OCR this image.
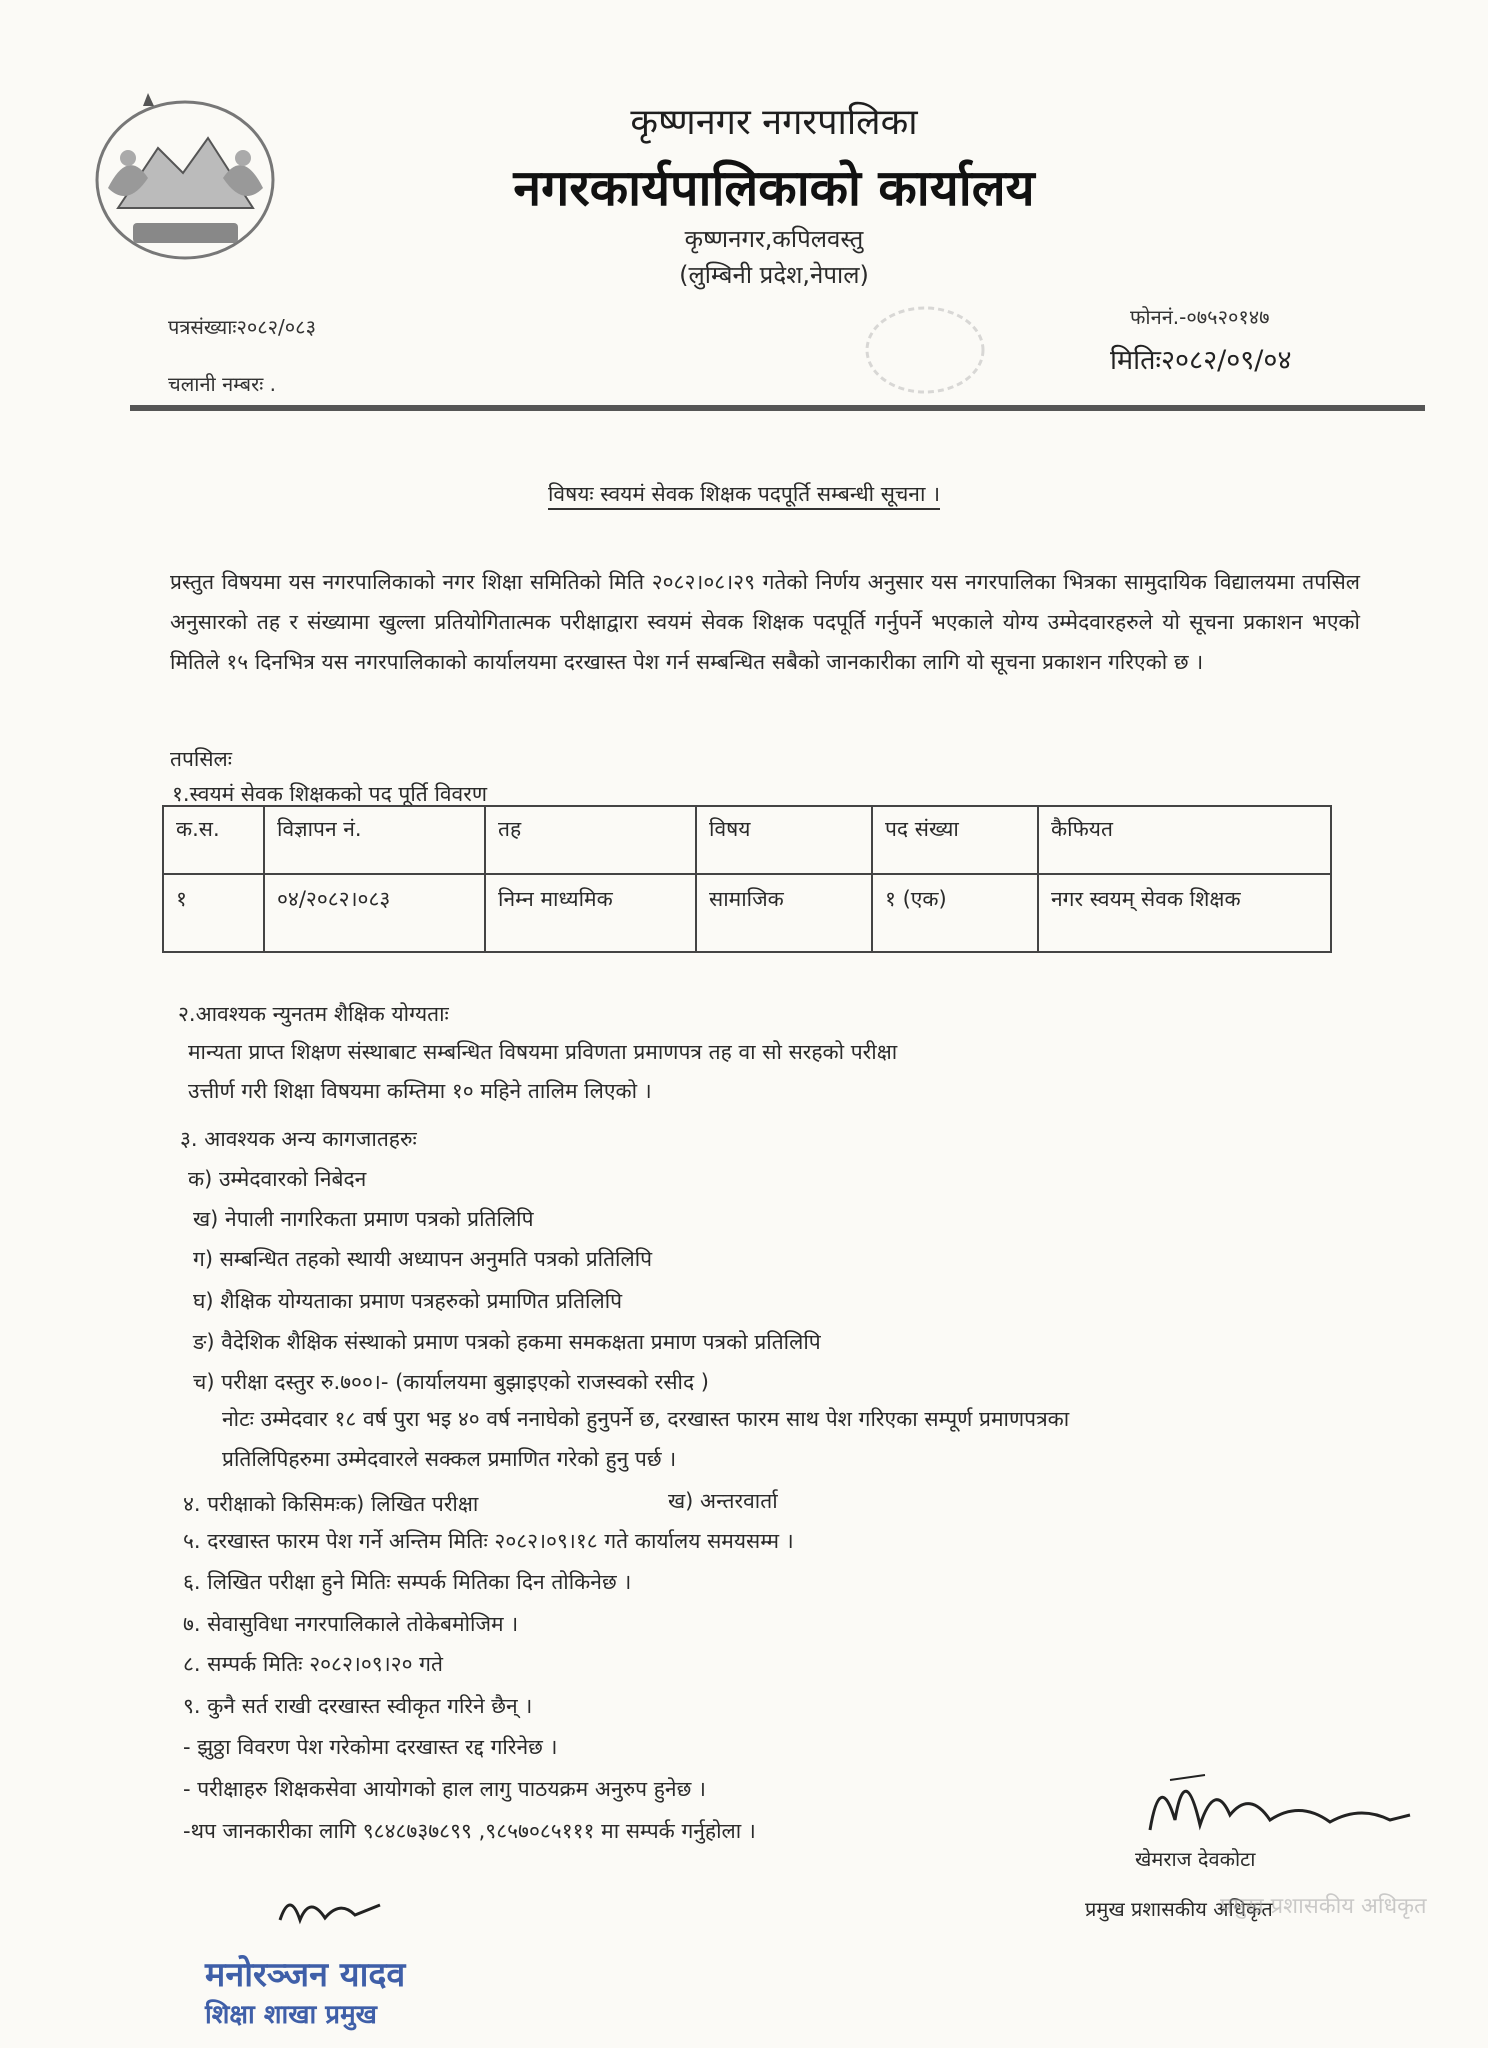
कृष्णनगर नगरपालिका
नगरकार्यपालिकाको कार्यालय
कृष्णनगर,कपिलवस्तु
(लुम्बिनी प्रदेश,नेपाल)
पत्रसंख्याः२०८२/०८३
चलानी नम्बरः .
फोननं.-०७५२०१४७
मितिः२०८२/०९/०४
विषयः स्वयमं सेवक शिक्षक पदपूर्ति सम्बन्धी सूचना ।
प्रस्तुत विषयमा यस नगरपालिकाको नगर शिक्षा समितिको मिति २०८२।०८।२९ गतेको निर्णय अनुसार यस नगरपालिका भित्रका सामुदायिक विद्यालयमा तपसिल अनुसारको तह र संख्यामा खुल्ला प्रतियोगितात्मक परीक्षाद्वारा स्वयमं सेवक शिक्षक पदपूर्ति गर्नुपर्ने भएकाले योग्य उम्मेदवारहरुले यो सूचना प्रकाशन भएको मितिले १५ दिनभित्र यस नगरपालिकाको कार्यालयमा दरखास्त पेश गर्न सम्बन्धित सबैको जानकारीका लागि यो सूचना प्रकाशन गरिएको छ ।
तपसिलः
१.स्वयमं सेवक शिक्षकको पद पूर्ति विवरण
क.स.	विज्ञापन नं.	तह	विषय	पद संख्या	कैफियत
१	०४/२०८२।०८३	निम्न माध्यमिक	सामाजिक	१ (एक)	नगर स्वयम् सेवक शिक्षक
२.आवश्यक न्युनतम शैक्षिक योग्यताः
मान्यता प्राप्त शिक्षण संस्थाबाट सम्बन्धित विषयमा प्रविणता प्रमाणपत्र तह वा सो सरहको परीक्षा
उत्तीर्ण गरी शिक्षा विषयमा कम्तिमा १० महिने तालिम लिएको ।
३. आवश्यक अन्य कागजातहरुः
क) उम्मेदवारको निबेदन
ख) नेपाली नागरिकता प्रमाण पत्रको प्रतिलिपि
ग) सम्बन्धित तहको स्थायी अध्यापन अनुमति पत्रको प्रतिलिपि
घ) शैक्षिक योग्यताका प्रमाण पत्रहरुको प्रमाणित प्रतिलिपि
ङ) वैदेशिक शैक्षिक संस्थाको प्रमाण पत्रको हकमा समकक्षता प्रमाण पत्रको प्रतिलिपि
च) परीक्षा दस्तुर रु.७००।- (कार्यालयमा बुझाइएको राजस्वको रसीद )
नोटः उम्मेदवार १८ वर्ष पुरा भइ ४० वर्ष ननाघेको हुनुपर्ने छ, दरखास्त फारम साथ पेश गरिएका सम्पूर्ण प्रमाणपत्रका
प्रतिलिपिहरुमा उम्मेदवारले सक्कल प्रमाणित गरेको हुनु पर्छ ।
४. परीक्षाको किसिमःक) लिखित परीक्षा	ख) अन्तरवार्ता
५. दरखास्त फारम पेश गर्ने अन्तिम मितिः २०८२।०९।१८ गते कार्यालय समयसम्म ।
६. लिखित परीक्षा हुने मितिः सम्पर्क मितिका दिन तोकिनेछ ।
७. सेवासुविधा नगरपालिकाले तोकेबमोजिम ।
८. सम्पर्क मितिः २०८२।०९।२० गते
९. कुनै सर्त राखी दरखास्त स्वीकृत गरिने छैन् ।
- झुठ्ठा विवरण पेश गरेकोमा दरखास्त रद्द गरिनेछ ।
- परीक्षाहरु शिक्षकसेवा आयोगको हाल लागु पाठयक्रम अनुरुप हुनेछ ।
-थप जानकारीका लागि ९८४८७३७८९९ ,९८५७०८५१११ मा सम्पर्क गर्नुहोला ।
खेमराज देवकोटा
प्रमुख प्रशासकीय अधिकृत
प्रमुख प्रशासकीय अधिकृत
मनोरञ्जन यादव
शिक्षा शाखा प्रमुख
